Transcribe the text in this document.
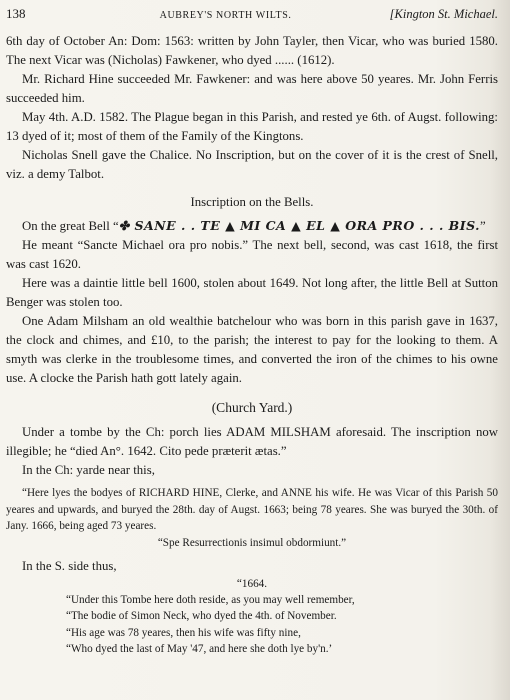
138	AUBREY'S NORTH WILTS.	[Kington St. Michael.

6th day of October An: Dom: 1563: written by John Tayler, then Vicar, who was buried 1580. The next Vicar was (Nicholas) Fawkener, who dyed ...... (1612).

Mr. Richard Hine succeeded Mr. Fawkener: and was here above 50 yeares. Mr. John Ferris succeeded him.

May 4th. A.D. 1582. The Plague began in this Parish, and rested ye 6th. of Augst. following: 13 dyed of it; most of them of the Family of the Kingtons.

Nicholas Snell gave the Chalice. No Inscription, but on the cover of it is the crest of Snell, viz. a demy Talbot.

Inscription on the Bells.

On the great Bell “✤ SANE . . TE ▲ MI CA ▲ EL ▲ ORA PRO . . . BIS.”

He meant “Sancte Michael ora pro nobis.” The next bell, second, was cast 1618, the first was cast 1620.

Here was a daintie little bell 1600, stolen about 1649. Not long after, the little Bell at Sutton Benger was stolen too.

One Adam Milsham an old wealthie batchelour who was born in this parish gave in 1637, the clock and chimes, and £10, to the parish; the interest to pay for the looking to them. A smyth was clerke in the troublesome times, and converted the iron of the chimes to his owne use. A clocke the Parish hath gott lately again.

(Church Yard.)

Under a tombe by the Ch: porch lies ADAM MILSHAM aforesaid. The inscription now illegible; he “died An°. 1642. Cito pede præterit ætas.”

In the Ch: yarde near this,

“Here lyes the bodyes of RICHARD HINE, Clerke, and ANNE his wife. He was Vicar of this Parish 50 yeares and upwards, and buryed the 28th. day of Augst. 1663; being 78 yeares. She was buryed the 30th. of Jany. 1666, being aged 73 yeares.

“Spe Resurrectionis insimul obdormiunt.”

In the S. side thus,

“1664.

“Under this Tombe here doth reside, as you may well remember,

“The bodie of Simon Neck, who dyed the 4th. of November.

“His age was 78 yeares, then his wife was fifty nine,

“Who dyed the last of May '47, and here she doth lye by'n.’
